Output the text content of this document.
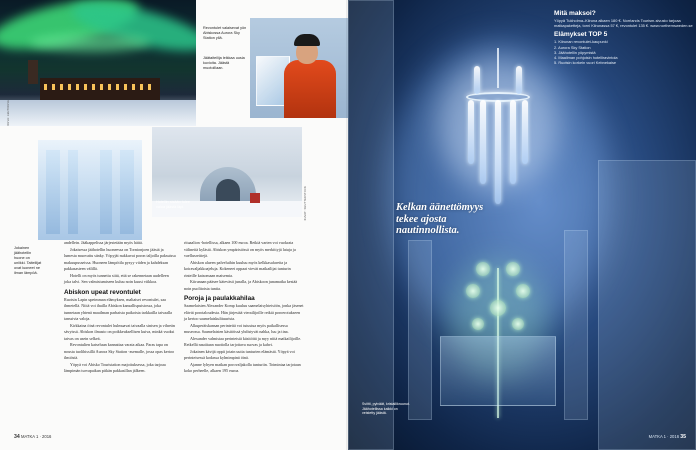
KUVA: LEHTIKUVA
Revontulet valaisevat yön Abiskossa Aurora Sky Station yllä.
Jäätaiteilija leikkaa uusia kuvioita. Jäästä muotoillaan.
KUVAT: SHUTTERSTOCK
Hotellin sisään tulee valoa jäästä läpi.
Jokainen jäähotellin huone on uniikki. Taiteilijat ovat luoneet ne ilman lämpöä.

andellein. Jääkappelissa järjestetään myös häitä.

Jokaisessa jäähotellin huoneessa on Tornionjoen jäästä ja lumesta muovattu sänky. Yöpyjät nukkuvat poron taljoilla paksuissa makuupusseissa. Huoneen lämpötila pysyy viiden ja kahdeksan pakkasasteen välillä.

Hotelli on myös tunnettu siitä, että se rakennetaan uudelleen joka talvi. Sen valmistumiseen kuluu noin kuusi viikkoa.

Abiskon upeat revontulet

Ruotsin Lapin upeimman elämyksen, maltaiset revontulet, saa ihmetellä. Niitä voi ihailla Abiskon kansallispuistossa, joka tunnetaan yhtenä maailman parhaista paikoista tarkkailla taivaalla tanssivia valoja.

Kirkkaina öinä revontulet hulmuavat taivaalla sinisen ja vihreän sävyissä. Abiskon ilmasto on poikkeuksellisen kuiva, minkä vuoksi taivas on usein selkeä.

Revontulien katseluun kannattaa varata aikaa. Paras tapa on nousta tuolihissillä Aurora Sky Station -asemalle, jossa opas kertoo ilmiöstä.

Yöpyä voi Abisko Touristation majoituksessa, joka tarjoaa lämpimän turvapaikan pitkän pakkasillan jälkeen.

rituaalion -hotellissa, alkaen 100 euroa. Retkiä varten voi vuokrata välineitä kylästä. Abiskon ympäristössä on myös merkittyjä latuja ja vaellusreittejä.

Abiskon alueen palveluihin kuuluu myös kelkkasafareita ja koiravaljakkoajeluja. Kokeneet oppaat vievät matkailijat tunturin rinteille katsomaan maisemia.

Kiirunaan pääsee kätevästi junalla, ja Abiskoon junamatka kestää noin puolitoista tuntia.

Poroja ja paulakkahilaa

Saamelaisten Alexander Komp kuuluu saamelaisyhteisöön, jonka jäsenet elävät porotaloudesta. Hän järjestää vierailijoille retkiä poroerotukseen ja kertoo saamelaiskulttuurista.

Alkuperäiskansan perinteitä voi tutustua myös paikallisessa museossa. Saamelaisten käsitöissä yhdistyvät nahka, luu ja tina.

Alexander valmistaa perinteisiä käsitöitä ja myy niitä matkailijoille. Retkellä nautitaan nuotiolla tarjottava suovas ja kahvi.

Jokainen kävijä oppii jotain uutta tunturien elämästä. Yöpyä voi perinteisessä kodassa kylmimpinä öinä.

Ajanne lyhyen matkan porovaljakolla tunturiin. Toimintaa tarjotaan koko perheelle, alkaen 195 euroa.

34 MATKA 1 · 2016
Mitä maksoi?
Yöpyä Tukholma–Kiiruna alkaen 180 €. Norrlands Tourism-sivusto tarjoaa matkapaketteja, torni Kiirunassa 57 €, revontulet 135 €. www.northernsweden.se
Elämykset TOP 5
1. Kiirunan revontulet-kaupunki
2. Aurora Sky Station
3. Jäähotellin yöpymistä
4. Maailman pohjoisin hotelliravintola
5. Ruotsin korkein vuori Kebnekaise
Kelkan äänettömyys tekee ajosta nautinnollista.
Sviitti, pylväät, kristallikruunut. Jäähotellissa kaikki on veistetty jäästä.
MATKA 1 · 2016 35
